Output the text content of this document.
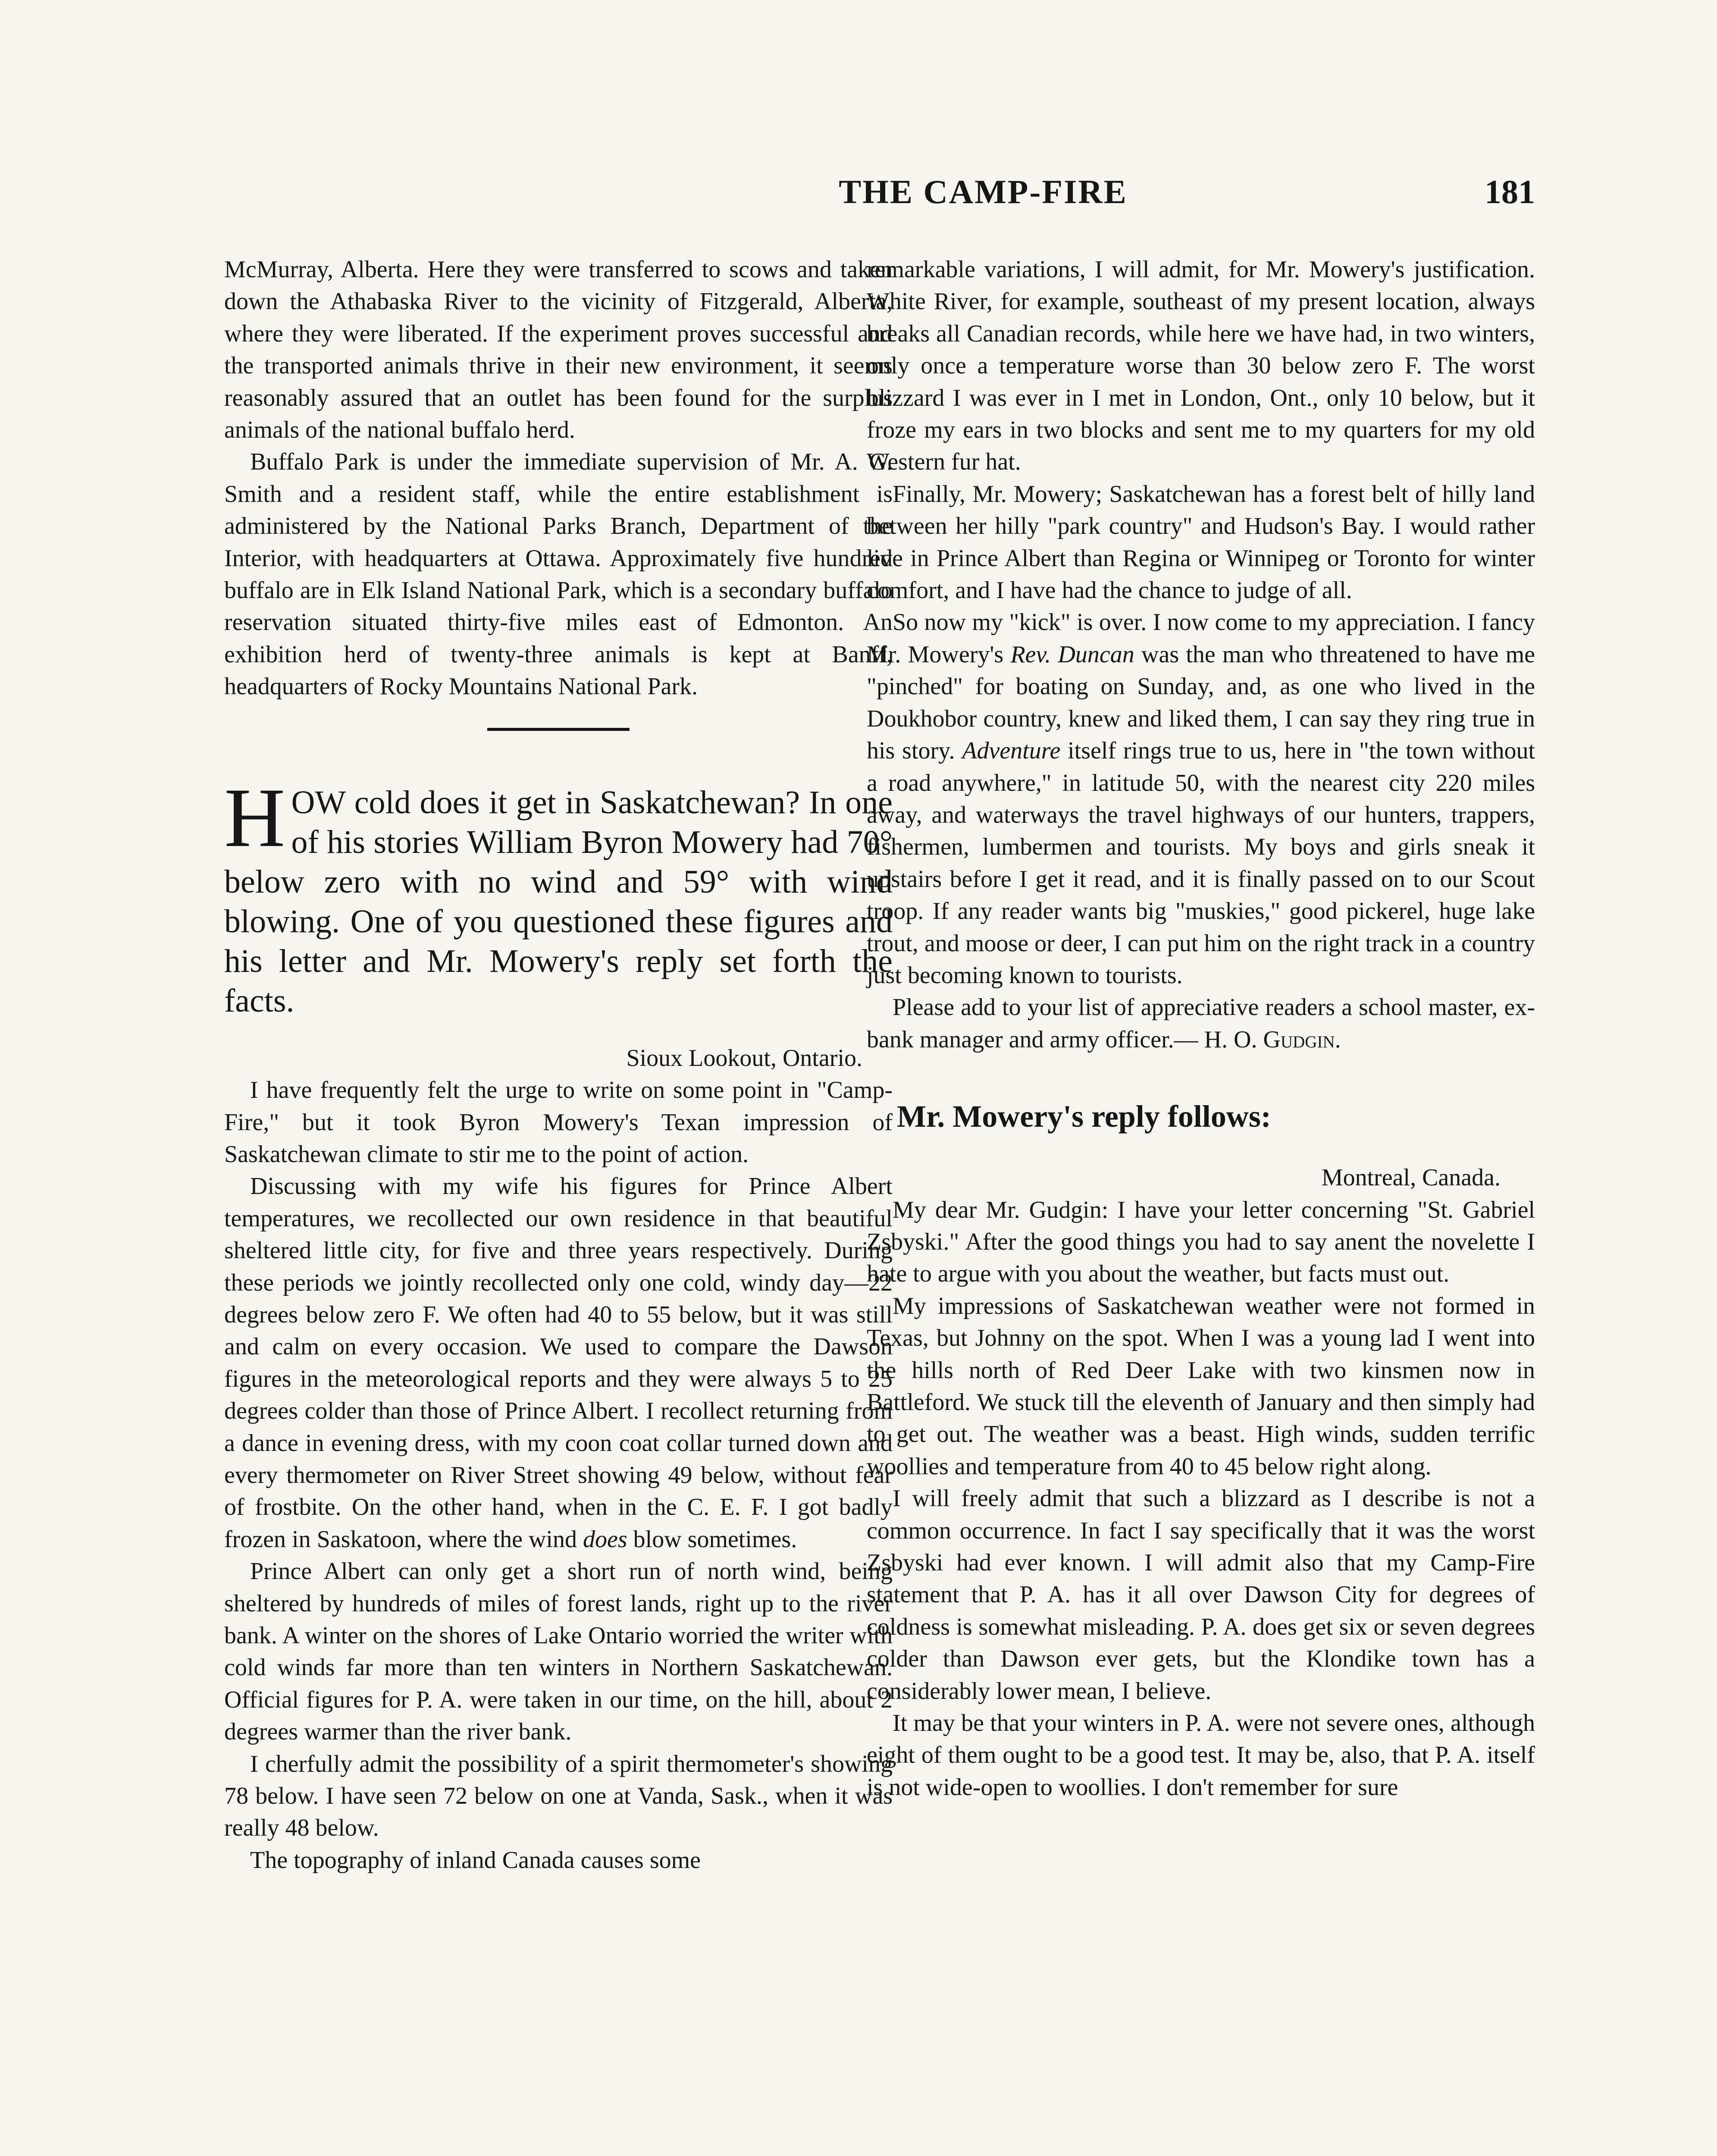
THE CAMP-FIRE	181

McMurray, Alberta. Here they were transferred to scows and taken down the Athabaska River to the vicinity of Fitzgerald, Alberta, where they were liberated. If the experiment proves successful and the transported animals thrive in their new environment, it seems reasonably assured that an outlet has been found for the surplus animals of the national buffalo herd.

Buffalo Park is under the immediate supervision of Mr. A. G. Smith and a resident staff, while the entire establishment is administered by the National Parks Branch, Department of the Interior, with headquarters at Ottawa. Approximately five hundred buffalo are in Elk Island National Park, which is a secondary buffalo reservation situated thirty-five miles east of Edmonton. An exhibition herd of twenty-three animals is kept at Banff, headquarters of Rocky Mountains National Park.

HOW cold does it get in Saskatchewan? In one of his stories William Byron Mowery had 70° below zero with no wind and 59° with wind blowing. One of you questioned these figures and his letter and Mr. Mowery's reply set forth the facts.
Sioux Lookout, Ontario.

I have frequently felt the urge to write on some point in "Camp-Fire," but it took Byron Mowery's Texan impression of Saskatchewan climate to stir me to the point of action.

Discussing with my wife his figures for Prince Albert temperatures, we recollected our own residence in that beautiful sheltered little city, for five and three years respectively. During these periods we jointly recollected only one cold, windy day—22 degrees below zero F. We often had 40 to 55 below, but it was still and calm on every occasion. We used to compare the Dawson figures in the meteorological reports and they were always 5 to 25 degrees colder than those of Prince Albert. I recollect returning from a dance in evening dress, with my coon coat collar turned down and every thermometer on River Street showing 49 below, without fear of frostbite. On the other hand, when in the C. E. F. I got badly frozen in Saskatoon, where the wind does blow sometimes.

Prince Albert can only get a short run of north wind, being sheltered by hundreds of miles of forest lands, right up to the river bank. A winter on the shores of Lake Ontario worried the writer with cold winds far more than ten winters in Northern Saskatchewan. Official figures for P. A. were taken in our time, on the hill, about 2 degrees warmer than the river bank.

I cherfully admit the possibility of a spirit thermometer's showing 78 below. I have seen 72 below on one at Vanda, Sask., when it was really 48 below.

The topography of inland Canada causes some

remarkable variations, I will admit, for Mr. Mowery's justification. White River, for example, southeast of my present location, always breaks all Canadian records, while here we have had, in two winters, only once a temperature worse than 30 below zero F. The worst blizzard I was ever in I met in London, Ont., only 10 below, but it froze my ears in two blocks and sent me to my quarters for my old Western fur hat.

Finally, Mr. Mowery; Saskatchewan has a forest belt of hilly land between her hilly "park country" and Hudson's Bay. I would rather live in Prince Albert than Regina or Winnipeg or Toronto for winter comfort, and I have had the chance to judge of all.

So now my "kick" is over. I now come to my appreciation. I fancy Mr. Mowery's Rev. Duncan was the man who threatened to have me "pinched" for boating on Sunday, and, as one who lived in the Doukhobor country, knew and liked them, I can say they ring true in his story. Adventure itself rings true to us, here in "the town without a road anywhere," in latitude 50, with the nearest city 220 miles away, and waterways the travel highways of our hunters, trappers, fishermen, lumbermen and tourists. My boys and girls sneak it upstairs before I get it read, and it is finally passed on to our Scout troop. If any reader wants big "muskies," good pickerel, huge lake trout, and moose or deer, I can put him on the right track in a country just becoming known to tourists.

Please add to your list of appreciative readers a school master, ex-bank manager and army officer.— H. O. Gudgin.

Mr. Mowery's reply follows:
Montreal, Canada.

My dear Mr. Gudgin: I have your letter concerning "St. Gabriel Zsbyski." After the good things you had to say anent the novelette I hate to argue with you about the weather, but facts must out.

My impressions of Saskatchewan weather were not formed in Texas, but Johnny on the spot. When I was a young lad I went into the hills north of Red Deer Lake with two kinsmen now in Battleford. We stuck till the eleventh of January and then simply had to get out. The weather was a beast. High winds, sudden terrific woollies and temperature from 40 to 45 below right along.

I will freely admit that such a blizzard as I describe is not a common occurrence. In fact I say specifically that it was the worst Zsbyski had ever known. I will admit also that my Camp-Fire statement that P. A. has it all over Dawson City for degrees of coldness is somewhat misleading. P. A. does get six or seven degrees colder than Dawson ever gets, but the Klondike town has a considerably lower mean, I believe.

It may be that your winters in P. A. were not severe ones, although eight of them ought to be a good test. It may be, also, that P. A. itself is not wide-open to woollies. I don't remember for sure
